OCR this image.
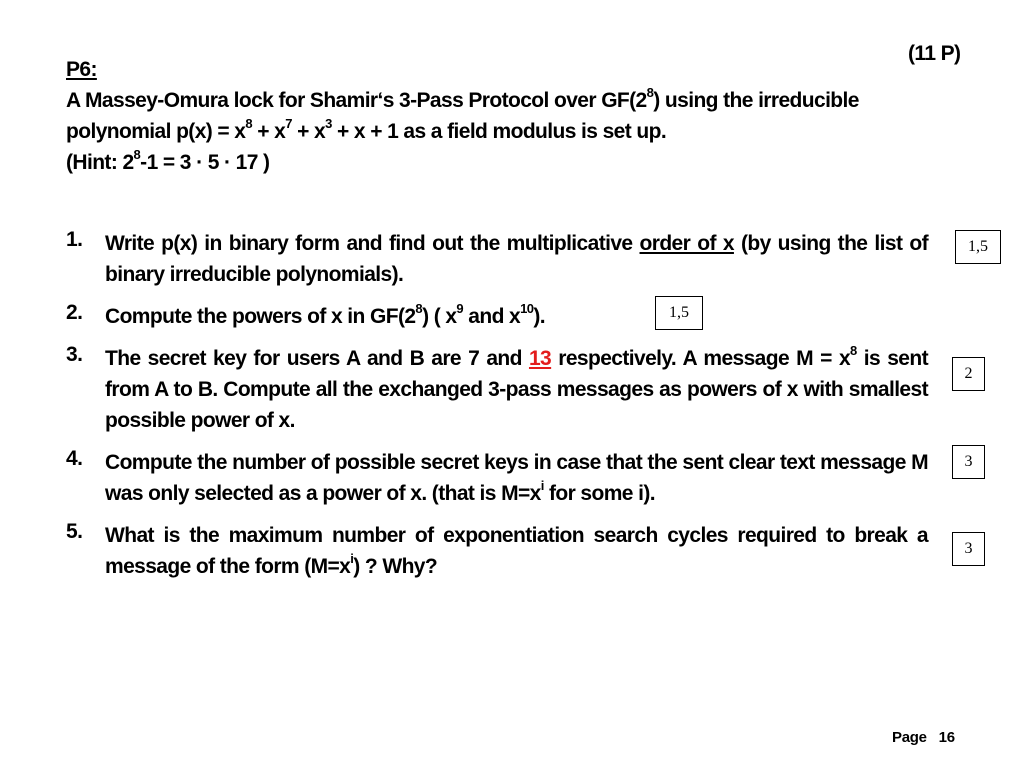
(11 P)
P6:
A Massey-Omura lock for Shamir‘s 3-Pass Protocol over $GF(2^8)$ using the irreducible
polynomial $p(x) = x^8 + x^7 + x^3 + x + 1$ as a field modulus is set up.
(Hint: $2^8-1 = 3 \cdot 5 \cdot 17$ )
1. Write p(x) in binary form and find out the multiplicative order of x (by using the list of binary irreducible polynomials).
2. Compute the powers of x in $GF(2^8)$ ( $x^9$ and $x^{10}$).
3. The secret key for users A and B are 7 and 13 respectively. A message $M = x^8$ is sent from A to B. Compute all the exchanged 3-pass messages as powers of x with smallest possible power of x.
4. Compute the number of possible secret keys in case that the sent clear text message M was only selected as a power of x. (that is $M=x^i$ for some i).
5. What is the maximum number of exponentiation search cycles required to break a message of the form $(M=x^i)$ ? Why?
1,5
1,5
2
3
3
Page 16
